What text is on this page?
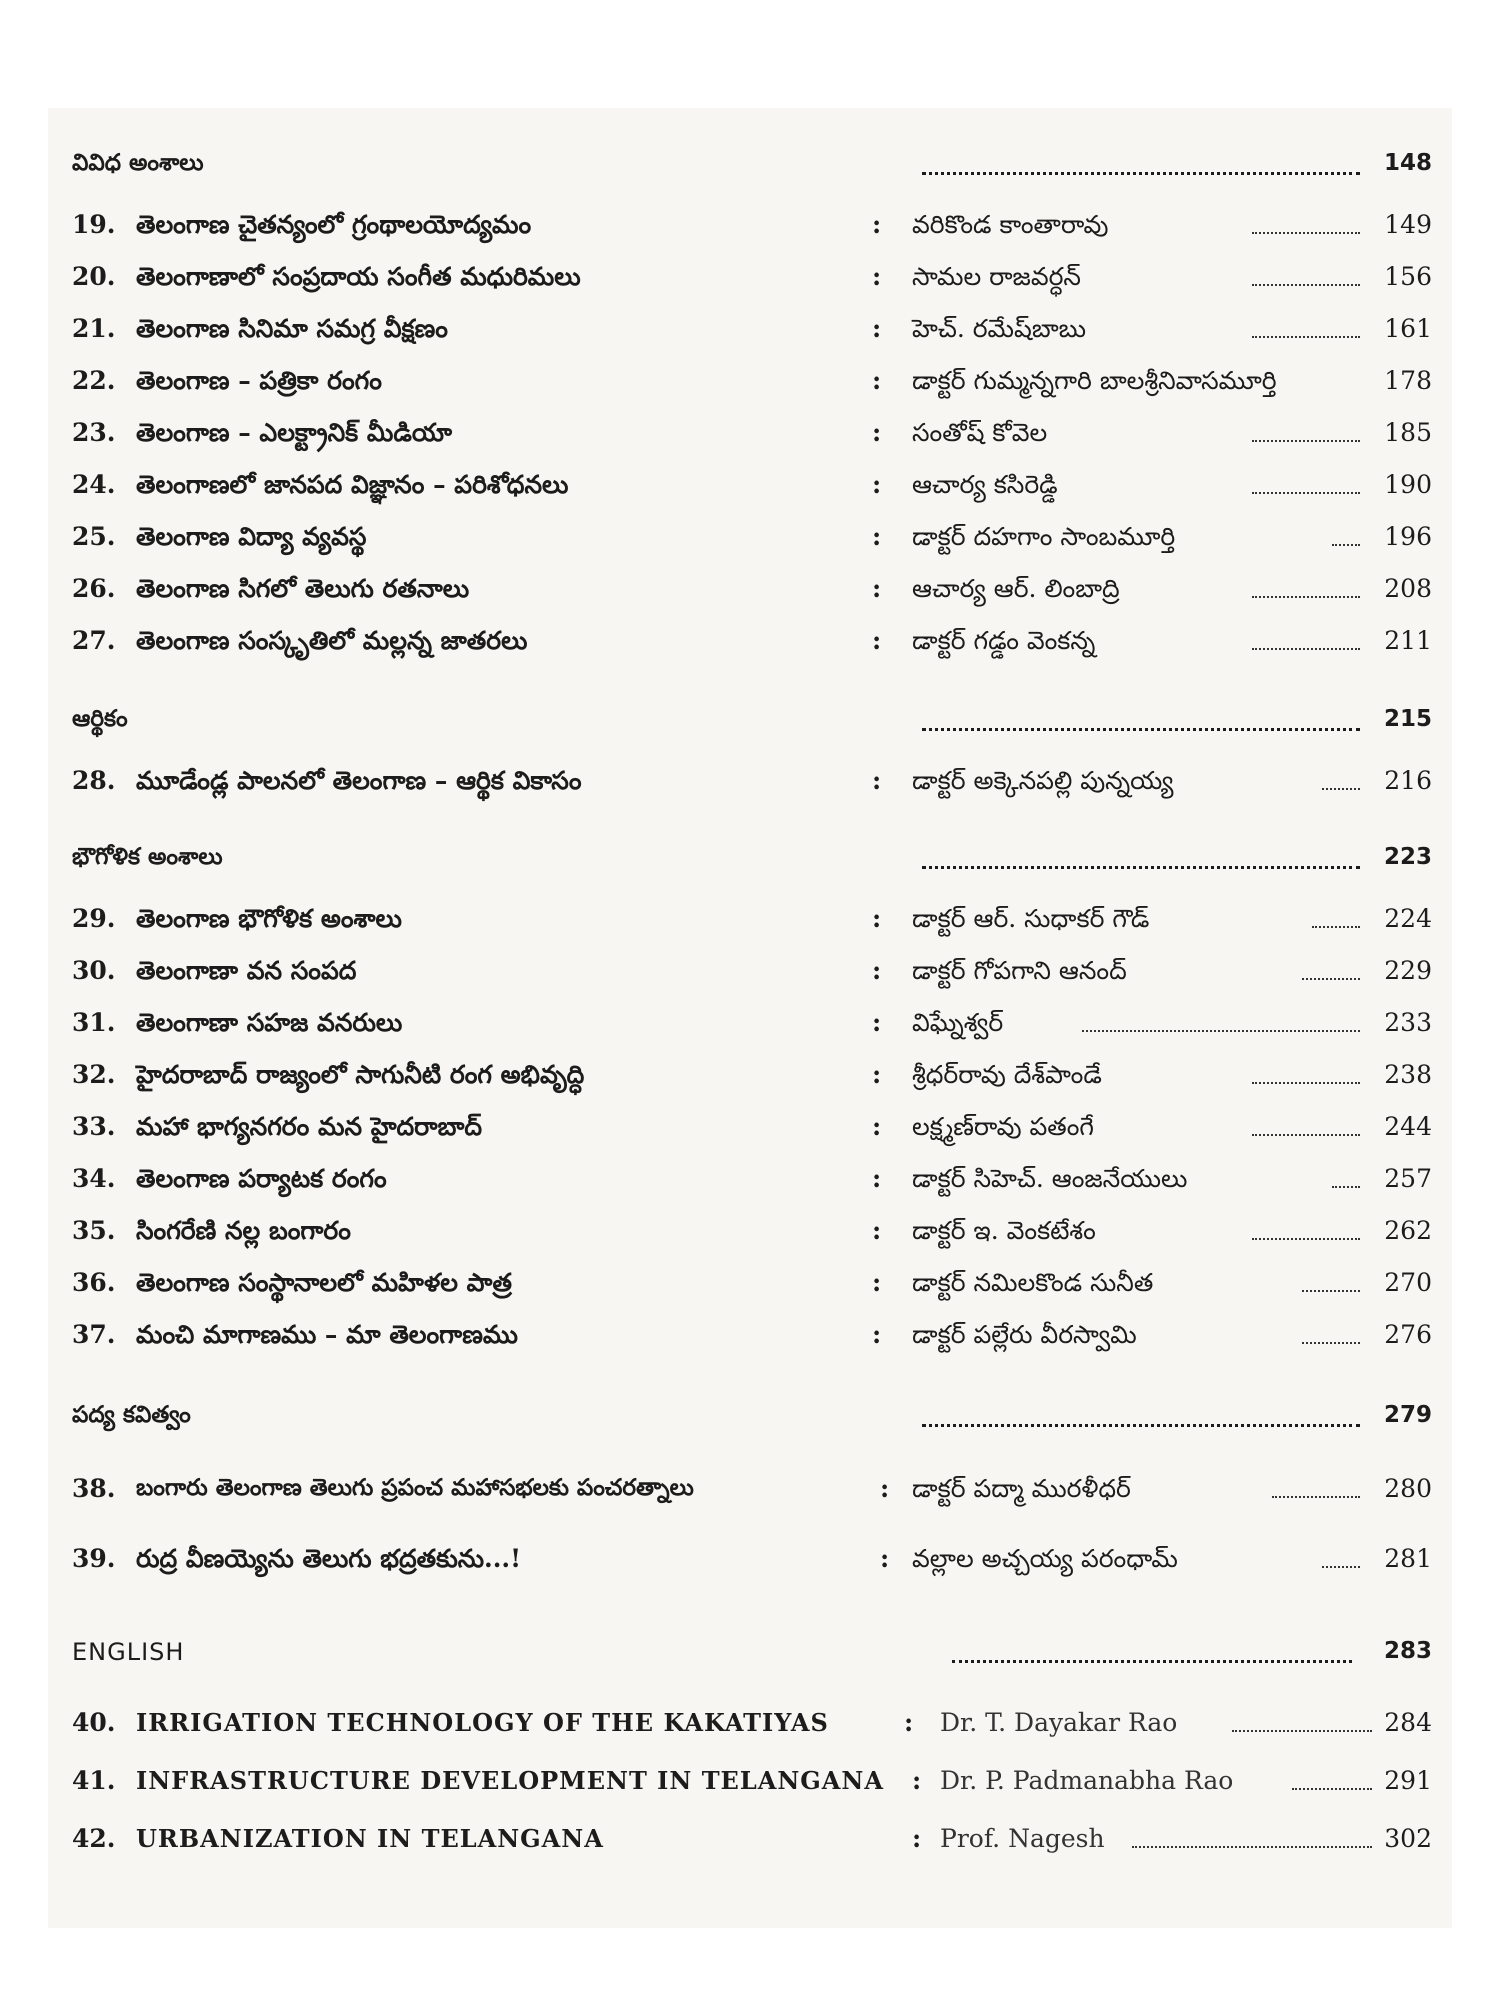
వివిధ అంశాలు	148
19. తెలంగాణ చైతన్యంలో గ్రంథాలయోద్యమం	: వరికొండ కాంతారావు	149
20. తెలంగాణాలో సంప్రదాయ సంగీత మధురిమలు	: సామల రాజవర్ధన్	156
21. తెలంగాణ సినిమా సమగ్ర వీక్షణం	: హెచ్. రమేష్‌బాబు	161
22. తెలంగాణ – పత్రికా రంగం	: డాక్టర్ గుమ్మన్నగారి బాలశ్రీనివాసమూర్తి	178
23. తెలంగాణ – ఎలక్ట్రానిక్ మీడియా	: సంతోష్ కోవెల	185
24. తెలంగాణలో జానపద విజ్ఞానం – పరిశోధనలు	: ఆచార్య కసిరెడ్డి	190
25. తెలంగాణ విద్యా వ్యవస్థ	: డాక్టర్ దహగాం సాంబమూర్తి	196
26. తెలంగాణ సిగలో తెలుగు రతనాలు	: ఆచార్య ఆర్. లింబాద్రి	208
27. తెలంగాణ సంస్కృతిలో మల్లన్న జాతరలు	: డాక్టర్ గడ్డం వెంకన్న	211
ఆర్థికం	215
28. మూడేండ్ల పాలనలో తెలంగాణ – ఆర్థిక వికాసం	: డాక్టర్ అక్కెనపల్లి పున్నయ్య	216
భౌగోళిక అంశాలు	223
29. తెలంగాణ భౌగోళిక అంశాలు	: డాక్టర్ ఆర్. సుధాకర్ గౌడ్	224
30. తెలంగాణా వన సంపద	: డాక్టర్ గోపగాని ఆనంద్	229
31. తెలంగాణా సహజ వనరులు	: విఘ్నేశ్వర్	233
32. హైదరాబాద్ రాజ్యంలో సాగునీటి రంగ అభివృద్ధి	: శ్రీధర్‌రావు దేశ్‌పాండే	238
33. మహా భాగ్యనగరం మన హైదరాబాద్	: లక్ష్మణ్‌రావు పతంగే	244
34. తెలంగాణ పర్యాటక రంగం	: డాక్టర్ సిహెచ్. ఆంజనేయులు	257
35. సింగరేణి నల్ల బంగారం	: డాక్టర్ ఇ. వెంకటేశం	262
36. తెలంగాణ సంస్థానాలలో మహిళల పాత్ర	: డాక్టర్ నమిలకొండ సునీత	270
37. మంచి మాగాణము – మా తెలంగాణము	: డాక్టర్ పల్లేరు వీరస్వామి	276
పద్య కవిత్వం	279
38. బంగారు తెలంగాణ తెలుగు ప్రపంచ మహాసభలకు పంచరత్నాలు	: డాక్టర్ పద్మా మురళీధర్	280
39. రుద్ర వీణయ్యెను తెలుగు భద్రతకును...!	: వల్లాల అచ్చయ్య పరంధామ్	281
ENGLISH	283
40. IRRIGATION TECHNOLOGY OF THE KAKATIYAS	: Dr. T. Dayakar Rao	284
41. INFRASTRUCTURE DEVELOPMENT IN TELANGANA : Dr. P. Padmanabha Rao	291
42. URBANIZATION IN TELANGANA	: Prof. Nagesh	302
